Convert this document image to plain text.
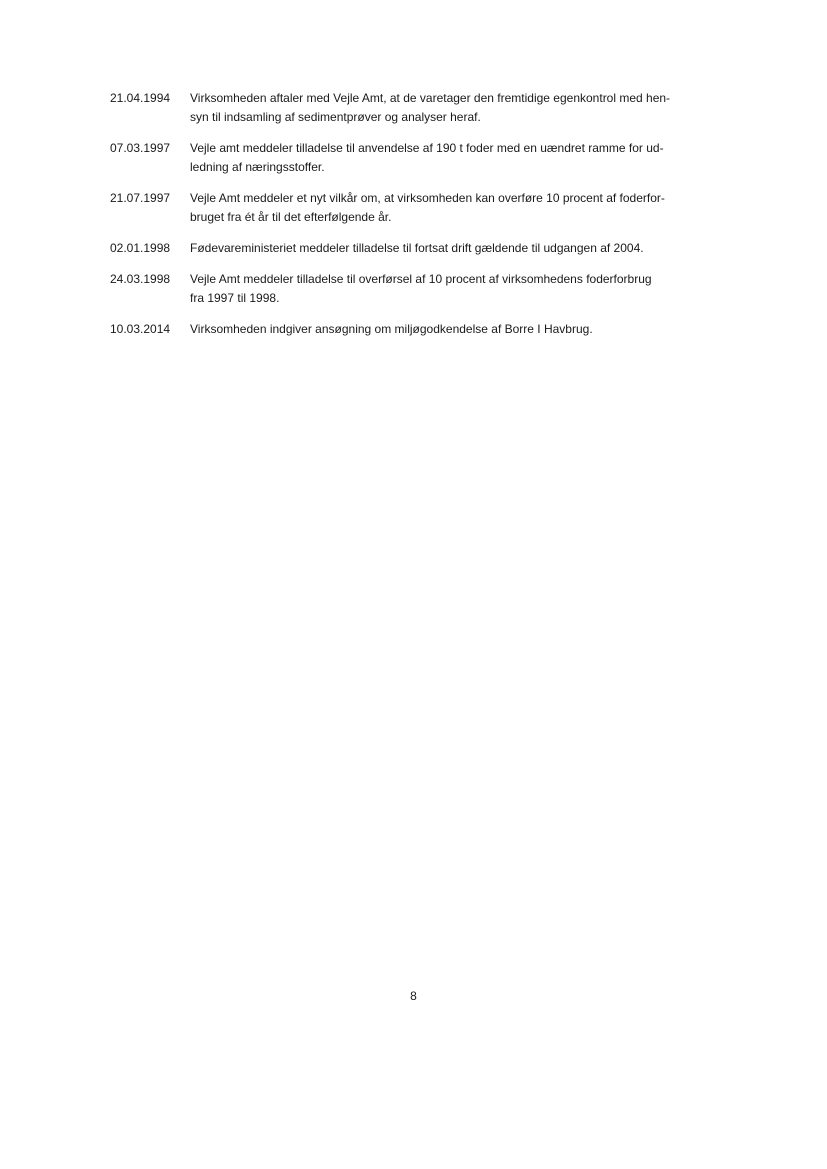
21.04.1994	Virksomheden aftaler med Vejle Amt, at de varetager den fremtidige egenkontrol med hen-
syn til indsamling af sedimentprøver og analyser heraf.
07.03.1997	Vejle amt meddeler tilladelse til anvendelse af 190 t foder med en uændret ramme for ud-
ledning af næringsstoffer.
21.07.1997	Vejle Amt meddeler et nyt vilkår om, at virksomheden kan overføre 10 procent af foderfor-
bruget fra ét år til det efterfølgende år.
02.01.1998	Fødevareministeriet meddeler tilladelse til fortsat drift gældende til udgangen af 2004.
24.03.1998	Vejle Amt meddeler tilladelse til overførsel af 10 procent af virksomhedens foderforbrug
fra 1997 til 1998.
10.03.2014	Virksomheden indgiver ansøgning om miljøgodkendelse af Borre I Havbrug.
8
